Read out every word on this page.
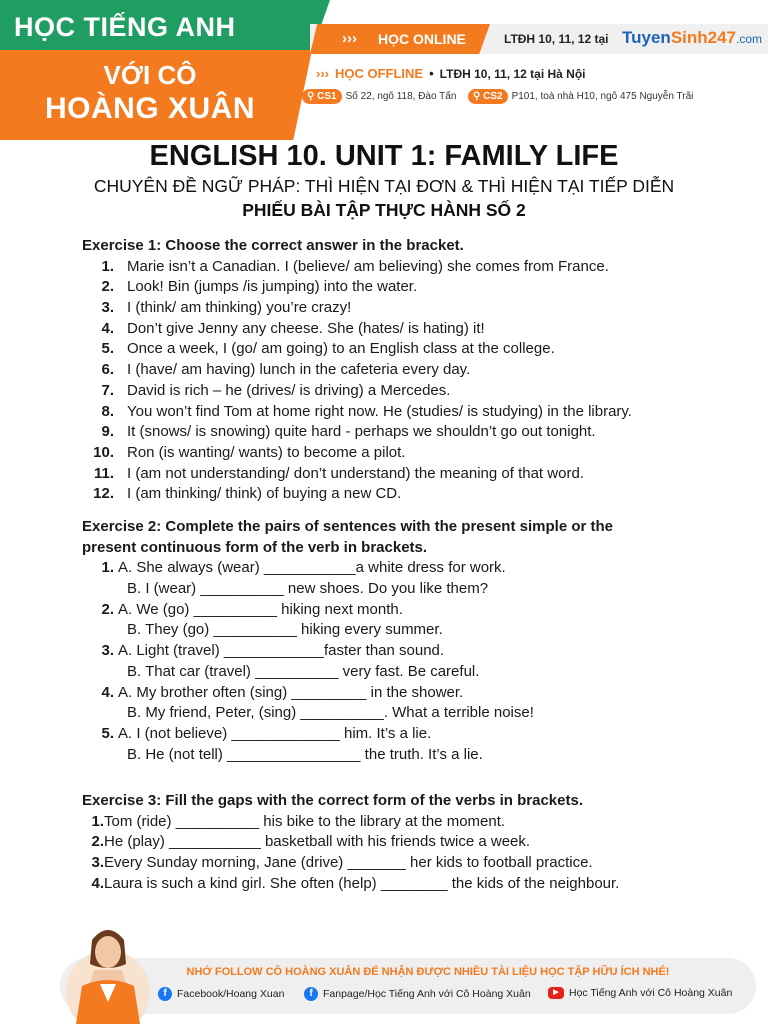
HỌC TIẾNG ANH
VỚI CÔ
HOÀNG XUÂN
››› HỌC ONLINE	LTĐH 10, 11, 12 tại TuyenSinh247.com
››› HỌC OFFLINE • LTĐH 10, 11, 12 tại Hà Nội
⚲ CS1 Số 22, ngõ 118, Đào Tấn	⚲ CS2 P101, toà nhà H10, ngõ 475 Nguyễn Trãi
ENGLISH 10. UNIT 1: FAMILY LIFE
CHUYÊN ĐỀ NGỮ PHÁP: THÌ HIỆN TẠI ĐƠN & THÌ HIỆN TẠI TIẾP DIỄN
PHIẾU BÀI TẬP THỰC HÀNH SỐ 2
Exercise 1: Choose the correct answer in the bracket.
1. Marie isn’t a Canadian. I (believe/ am believing) she comes from France.
2. Look! Bin (jumps /is jumping) into the water.
3. I (think/ am thinking) you’re crazy!
4. Don’t give Jenny any cheese. She (hates/ is hating) it!
5. Once a week, I (go/ am going) to an English class at the college.
6. I (have/ am having) lunch in the cafeteria every day.
7. David is rich – he (drives/ is driving) a Mercedes.
8. You won’t find Tom at home right now. He (studies/ is studying) in the library.
9. It (snows/ is snowing) quite hard - perhaps we shouldn’t go out tonight.
10. Ron (is wanting/ wants) to become a pilot.
11. I (am not understanding/ don’t understand) the meaning of that word.
12. I (am thinking/ think) of buying a new CD.
Exercise 2: Complete the pairs of sentences with the present simple or the
present continuous form of the verb in brackets.
1. A. She always (wear) ___________a white dress for work.
B. I (wear) __________ new shoes. Do you like them?
2. A. We (go) __________ hiking next month.
B. They (go) __________ hiking every summer.
3. A. Light (travel) ____________faster than sound.
B. That car (travel) __________ very fast. Be careful.
4. A. My brother often (sing) _________ in the shower.
B. My friend, Peter, (sing) __________. What a terrible noise!
5. A. I (not believe) _____________ him. It’s a lie.
B. He (not tell) ________________ the truth. It’s a lie.
Exercise 3: Fill the gaps with the correct form of the verbs in brackets.
1. Tom (ride) __________ his bike to the library at the moment.
2. He (play) ___________ basketball with his friends twice a week.
3. Every Sunday morning, Jane (drive) _______ her kids to football practice.
4. Laura is such a kind girl. She often (help) ________ the kids of the neighbour.
NHỚ FOLLOW CÔ HOÀNG XUÂN ĐỂ NHẬN ĐƯỢC NHIỀU TÀI LIỆU HỌC TẬP HỮU ÍCH NHÉ!
f Facebook/Hoang Xuan	f Fanpage/Học Tiếng Anh với Cô Hoàng Xuân	▶ Học Tiếng Anh với Cô Hoàng Xuân
